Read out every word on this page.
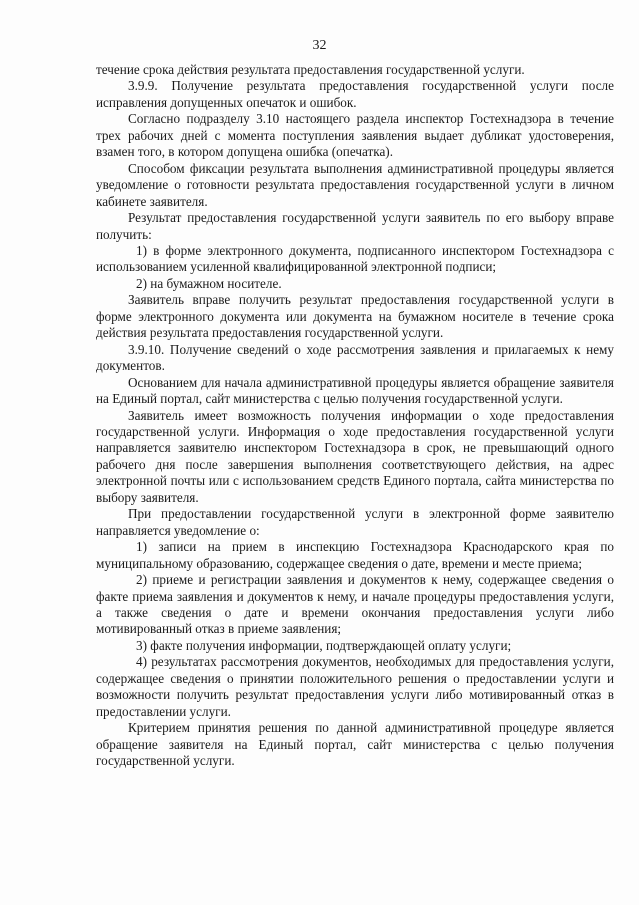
32

течение срока действия результата предоставления государственной услуги.

3.9.9. Получение результата предоставления государственной услуги после исправления допущенных опечаток и ошибок.

Согласно подразделу 3.10 настоящего раздела инспектор Гостехнадзора в течение трех рабочих дней с момента поступления заявления выдает дубликат удостоверения, взамен того, в котором допущена ошибка (опечатка).

Способом фиксации результата выполнения административной процедуры является уведомление о готовности результата предоставления государственной услуги в личном кабинете заявителя.

Результат предоставления государственной услуги заявитель по его выбору вправе получить:

1) в форме электронного документа, подписанного инспектором Гостехнадзора с использованием усиленной квалифицированной электронной подписи;

2) на бумажном носителе.

Заявитель вправе получить результат предоставления государственной услуги в форме электронного документа или документа на бумажном носителе в течение срока действия результата предоставления государственной услуги.

3.9.10. Получение сведений о ходе рассмотрения заявления и прилагаемых к нему документов.

Основанием для начала административной процедуры является обращение заявителя на Единый портал, сайт министерства с целью получения государственной услуги.

Заявитель имеет возможность получения информации о ходе предоставления государственной услуги. Информация о ходе предоставления государственной услуги направляется заявителю инспектором Гостехнадзора в срок, не превышающий одного рабочего дня после завершения выполнения соответствующего действия, на адрес электронной почты или с использованием средств Единого портала, сайта министерства по выбору заявителя.

При предоставлении государственной услуги в электронной форме заявителю направляется уведомление о:

1) записи на прием в инспекцию Гостехнадзора Краснодарского края по муниципальному образованию, содержащее сведения о дате, времени и месте приема;

2) приеме и регистрации заявления и документов к нему, содержащее сведения о факте приема заявления и документов к нему, и начале процедуры предоставления услуги, а также сведения о дате и времени окончания предоставления услуги либо мотивированный отказ в приеме заявления;

3) факте получения информации, подтверждающей оплату услуги;

4) результатах рассмотрения документов, необходимых для предоставления услуги, содержащее сведения о принятии положительного решения о предоставлении услуги и возможности получить результат предоставления услуги либо мотивированный отказ в предоставлении услуги.

Критерием принятия решения по данной административной процедуре является обращение заявителя на Единый портал, сайт министерства с целью получения государственной услуги.
